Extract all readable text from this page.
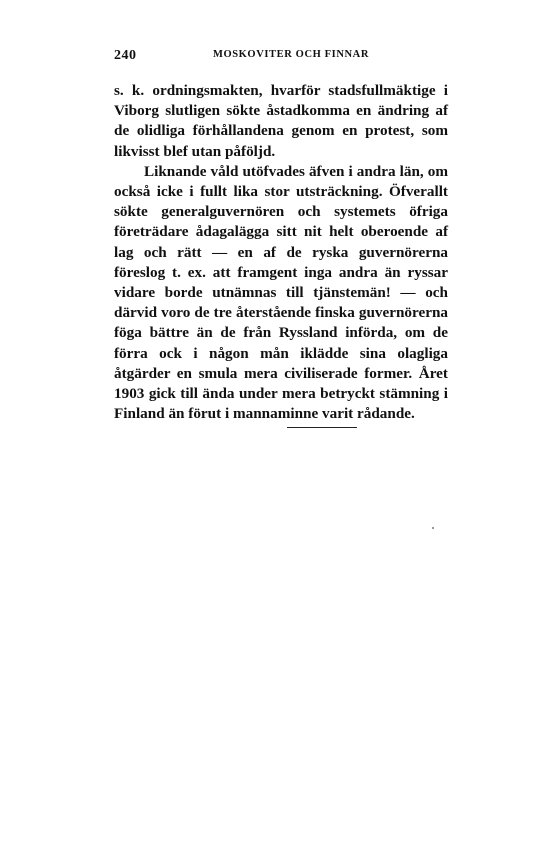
240	MOSKOVITER OCH FINNAR

s. k. ordningsmakten, hvarför stadsfullmäktige i Viborg slutligen sökte åstadkomma en ändring af de olidliga förhållandena genom en protest, som likvisst blef utan påföljd.

Liknande våld utöfvades äfven i andra län, om också icke i fullt lika stor utsträckning. Öfverallt sökte generalguvernören och systemets öfriga företrädare ådagalägga sitt nit helt oberoende af lag och rätt — en af de ryska guvernörerna föreslog t. ex. att framgent inga andra än ryssar vidare borde utnämnas till tjänstemän! — och därvid voro de tre återstående finska guvernörerna föga bättre än de från Ryssland införda, om de förra ock i någon mån iklädde sina olagliga åtgärder en smula mera civiliserade former. Året 1903 gick till ända under mera betryckt stämning i Finland än förut i mannaminne varit rådande.
